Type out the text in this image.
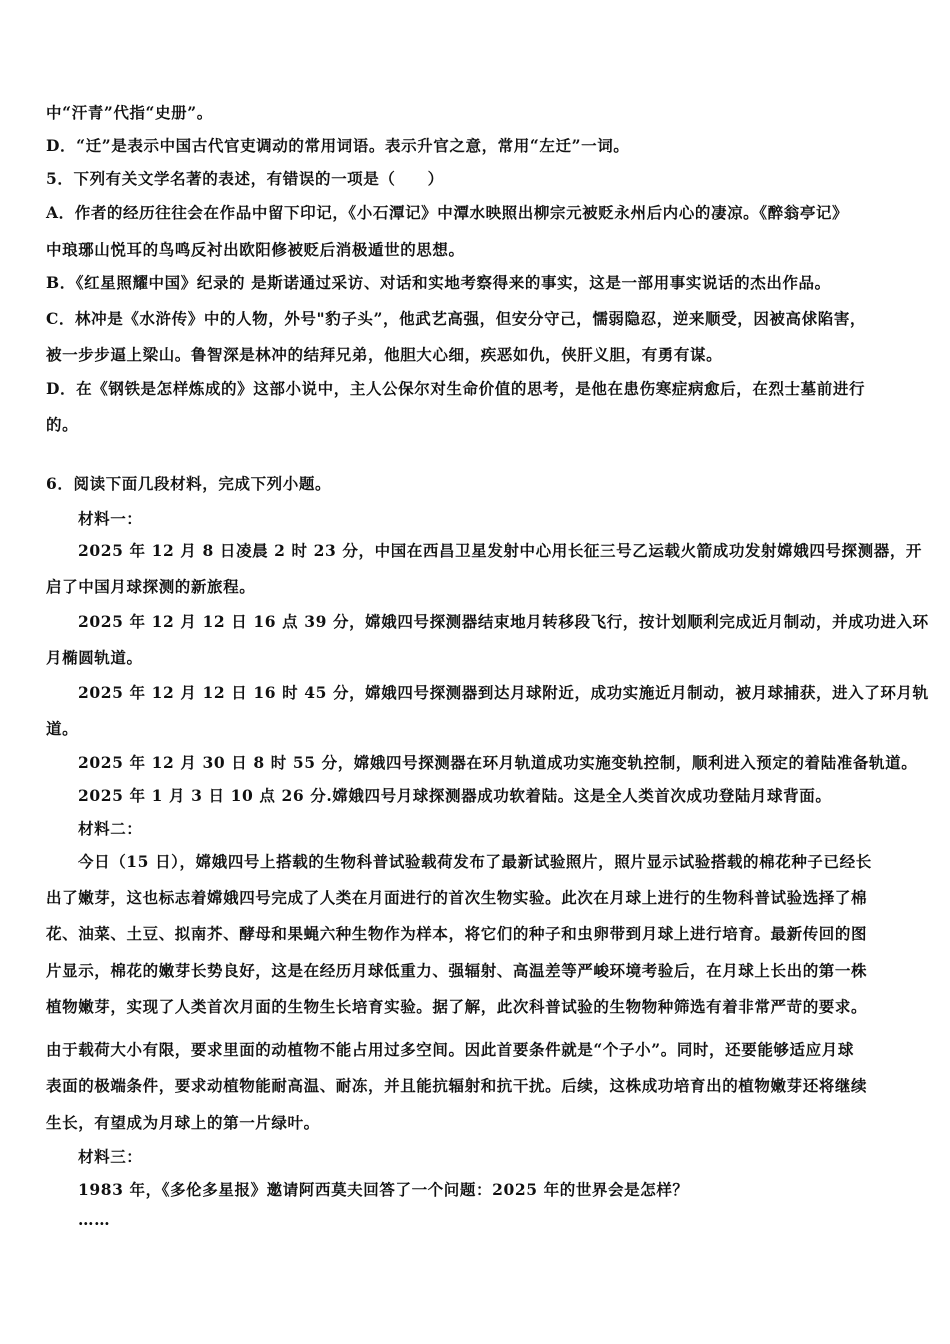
中“汗青”代指“史册”。
D．“迁”是表示中国古代官吏调动的常用词语。表示升官之意，常用“左迁”一词。
5．下列有关文学名著的表述，有错误的一项是（　　）
A．作者的经历往往会在作品中留下印记，《小石潭记》中潭水映照出柳宗元被贬永州后内心的凄凉。《醉翁亭记》
中琅琊山悦耳的鸟鸣反衬出欧阳修被贬后消极遁世的思想。
B．《红星照耀中国》纪录的 是斯诺通过采访、对话和实地考察得来的事实，这是一部用事实说话的杰出作品。
C．林冲是《水浒传》中的人物，外号"豹子头”，他武艺高强，但安分守己，懦弱隐忍，逆来顺受，因被高俅陷害，
被一步步逼上梁山。鲁智深是林冲的结拜兄弟，他胆大心细，疾恶如仇，侠肝义胆，有勇有谋。
D．在《钢铁是怎样炼成的》这部小说中，主人公保尔对生命价值的思考，是他在患伤寒症病愈后，在烈士墓前进行
的。
6．阅读下面几段材料，完成下列小题。
材料一：
2025 年 12 月 8 日凌晨 2 时 23 分，中国在西昌卫星发射中心用长征三号乙运载火箭成功发射嫦娥四号探测器，开
启了中国月球探测的新旅程。
2025 年 12 月 12 日 16 点 39 分，嫦娥四号探测器结束地月转移段飞行，按计划顺利完成近月制动，并成功进入环
月椭圆轨道。
2025 年 12 月 12 日 16 时 45 分，嫦娥四号探测器到达月球附近，成功实施近月制动，被月球捕获，进入了环月轨
道。
2025 年 12 月 30 日 8 时 55 分，嫦娥四号探测器在环月轨道成功实施变轨控制，顺利进入预定的着陆准备轨道。
2025 年 1 月 3 日 10 点 26 分.嫦娥四号月球探测器成功软着陆。这是全人类首次成功登陆月球背面。
材料二：
今日（15 日），嫦娥四号上搭载的生物科普试验载荷发布了最新试验照片，照片显示试验搭载的棉花种子已经长
出了嫩芽，这也标志着嫦娥四号完成了人类在月面进行的首次生物实验。此次在月球上进行的生物科普试验选择了棉
花、油菜、土豆、拟南芥、酵母和果蝇六种生物作为样本，将它们的种子和虫卵带到月球上进行培育。最新传回的图
片显示，棉花的嫩芽长势良好，这是在经历月球低重力、强辐射、高温差等严峻环境考验后，在月球上长出的第一株
植物嫩芽，实现了人类首次月面的生物生长培育实验。据了解，此次科普试验的生物物种筛选有着非常严苛的要求。
由于载荷大小有限，要求里面的动植物不能占用过多空间。因此首要条件就是“个子小”。同时，还要能够适应月球
表面的极端条件，要求动植物能耐高温、耐冻，并且能抗辐射和抗干扰。后续，这株成功培育出的植物嫩芽还将继续
生长，有望成为月球上的第一片绿叶。
材料三：
1983 年，《多伦多星报》邀请阿西莫夫回答了一个问题：2025 年的世界会是怎样？
……
